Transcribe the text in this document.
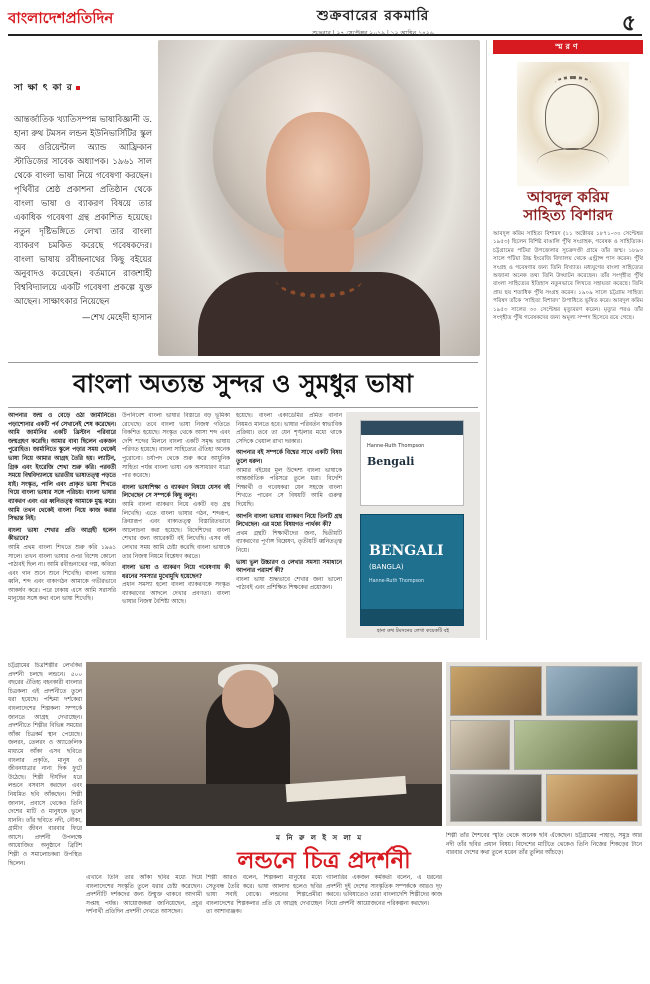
বাংলাদেশপ্রতিদিন	শুক্রবারের রকমারি
শুক্রবার | ২৭ সেপ্টেম্বর ২০১৯ | ১২ আশ্বিন ১৪২৬	৫
সা ক্ষা ৎ কা র
আন্তর্জাতিক খ্যাতিসম্পন্ন ভাষাবিজ্ঞানী ড. হানা রুথ টমসন লন্ডন ইউনিভার্সিটির স্কুল অব ওরিয়েন্টাল অ্যান্ড আফ্রিকান স্টাডিজের সাবেক অধ্যাপক। ১৯৬১ সাল থেকে বাংলা ভাষা নিয়ে গবেষণা করছেন। পৃথিবীর শ্রেষ্ঠ প্রকাশনা প্রতিষ্ঠান থেকে বাংলা ভাষা ও ব্যাকরণ বিষয়ে তার একাধিক গবেষণা গ্রন্থ প্রকাশিত হয়েছে। নতুন দৃষ্টিভঙ্গিতে লেখা তার বাংলা ব্যাকরণ চমকিত করেছে গবেষকদের। বাংলা ভাষায় রবীন্দ্রনাথের কিছু বইয়ের অনুবাদও করেছেন। বর্তমানে রাজশাহী বিশ্ববিদ্যালয়ে একটি গবেষণা প্রকল্পে যুক্ত আছেন। সাক্ষাৎকার নিয়েছেন
—শেখ মেহেদী হাসান
বাংলা অত্যন্ত সুন্দর ও সুমধুর ভাষা
আপনার জন্ম ও বেড়ে ওঠা জার্মানিতে। পড়াশোনার একটি পর্ব সেখানেই শেষ করেছেন। আমি জার্মানির একটি খ্রিস্টান পরিবারে জন্মগ্রহণ করেছি। আমার বাবা ছিলেন একজন পুরোহিত। জার্মানিতে স্কুলে পড়ার সময় থেকেই ভাষা নিয়ে আমার আগ্রহ তৈরি হয়। ল্যাটিন, গ্রিক এবং ইংরেজি শেখা শুরু করি। পরবর্তী সময়ে বিশ্ববিদ্যালয়ে ভারতীয় ভাষাতত্ত্ব পড়তে যাই। সংস্কৃত, পালি এবং প্রাকৃত ভাষা শিখতে গিয়ে বাংলা ভাষার সঙ্গে পরিচয়। বাংলা ভাষার ব্যাকরণ এবং এর ধ্বনিতত্ত্ব আমাকে মুগ্ধ করে। আমি তখন থেকেই বাংলা নিয়ে কাজ করার সিদ্ধান্ত নিই।
বাংলা ভাষা শেখার প্রতি আগ্রহী হলেন কীভাবে?
আমি প্রথম বাংলা শিখতে শুরু করি ১৯৬১ সালে। তখন বাংলা ভাষার ওপর বিশেষ কোনো পাঠ্যবই ছিল না। আমি রবীন্দ্রনাথের গল্প, কবিতা এবং গান শুনে শুনে শিখেছি। বাংলা ভাষার ধ্বনি, শব্দ এবং বাক্যগঠন আমাকে গভীরভাবে আকর্ষণ করে। পরে ঢাকায় এসে আমি সরাসরি মানুষের সঙ্গে কথা বলে ভাষা শিখেছি।
উপনিবেশ বাংলা ভাষার বিস্তারে বড় ভূমিকা রেখেছে। তবে বাংলা ভাষা নিজস্ব গতিতে বিকশিত হয়েছে। সংস্কৃত থেকে আসা শব্দ এবং দেশি শব্দের মিলনে বাংলা একটি সমৃদ্ধ ভাষায় পরিণত হয়েছে। বাংলা সাহিত্যের ঐতিহ্য অনেক পুরোনো। চর্যাপদ থেকে শুরু করে আধুনিক সাহিত্য পর্যন্ত বাংলা ভাষা এক অসাধারণ যাত্রা পার করেছে।
বাংলা ভাষাশিক্ষা ও ব্যাকরণ বিষয়ে যেসব বই লিখেছেন সে সম্পর্কে কিছু বলুন।
আমি বাংলা ব্যাকরণ নিয়ে একটি বড় গ্রন্থ লিখেছি। এতে বাংলা ভাষার গঠন, শব্দরূপ, ক্রিয়ারূপ এবং বাক্যতত্ত্ব বিস্তারিতভাবে আলোচনা করা হয়েছে। বিদেশিদের বাংলা শেখার জন্য আরেকটি বই লিখেছি। এসব বই লেখার সময় আমি চেষ্টা করেছি বাংলা ভাষাকে তার নিজস্ব নিয়মে বিশ্লেষণ করতে।
বাংলা ভাষা ও ব্যাকরণ নিয়ে গবেষণায় কী ধরনের সমস্যার মুখোমুখি হয়েছেন?
প্রধান সমস্যা হলো বাংলা ব্যাকরণকে সংস্কৃত ব্যাকরণের আদলে দেখার প্রবণতা। বাংলা ভাষার নিজস্ব বৈশিষ্ট্য আছে।
হয়েছে। বাংলা একাডেমির প্রমিত বানান নিয়মও মানতে হবে। ভাষার পরিবর্তন স্বাভাবিক প্রক্রিয়া। তবে তা যেন শৃঙ্খলার মধ্যে থাকে সেদিকে খেয়াল রাখা দরকার।
আপনার বই সম্পর্কে বিশ্বের সাথে একটি বিষয় তুলে ধরুন।
আমার বইয়ের মূল উদ্দেশ্য বাংলা ভাষাকে আন্তর্জাতিক পরিসরে তুলে ধরা। বিদেশি শিক্ষার্থী ও গবেষকরা যেন সহজে বাংলা শিখতে পারেন সে বিষয়টি আমি গুরুত্ব দিয়েছি।
আপনি বাংলা ভাষার ব্যাকরণ নিয়ে তিনটি গ্রন্থ লিখেছেন। এর মধ্যে বিষয়গত পার্থক্য কী?
প্রথম গ্রন্থটি শিক্ষার্থীদের জন্য, দ্বিতীয়টি ব্যাকরণের পূর্ণাঙ্গ বিশ্লেষণ, তৃতীয়টি ধ্বনিতত্ত্ব নিয়ে।
ভাষা ভুল উচ্চারণ ও লেখার সমস্যা সমাধানে আপনার পরামর্শ কী?
বাংলা ভাষা শুদ্ধভাবে শেখার জন্য ভালো পাঠ্যবই এবং প্রশিক্ষিত শিক্ষকের প্রয়োজন।
Hanne-Ruth Thompson
Bengali
BENGALI
(BANGLA)
Hanne-Ruth Thompson
হানা রুথ টমসনের লেখা কয়েকটি বই
স্মরণ
আবদুল করিম
সাহিত্য বিশারদ
আবদুল করিম সাহিত্য বিশারদ (১১ অক্টোবর ১৮৭১–৩০ সেপ্টেম্বর ১৯৫৩) ছিলেন বিশিষ্ট বাঙালি পুঁথি সংগ্রাহক, গবেষক ও সাহিত্যিক। চট্টগ্রামের পটিয়া উপজেলার সুচক্রদণ্ডী গ্রামে তাঁর জন্ম। ১৮৯৩ সালে পটিয়া উচ্চ ইংরেজি বিদ্যালয় থেকে এন্ট্রান্স পাস করেন। পুঁথি সংগ্রহ ও গবেষণার জন্য তিনি বিখ্যাত। মধ্যযুগের বাংলা সাহিত্যের অজানা অনেক তথ্য তিনি উদ্ঘাটন করেছেন। তাঁর সংগৃহীত পুঁথি বাংলা সাহিত্যের ইতিহাস নতুনভাবে লিখতে সহায়তা করেছে। তিনি প্রায় ছয় শতাধিক পুঁথি সংগ্রহ করেন। ১৯০৯ সালে চট্টগ্রাম সাহিত্য পরিষদ তাঁকে ‘সাহিত্য বিশারদ’ উপাধিতে ভূষিত করে। আবদুল করিম ১৯৫৩ সালের ৩০ সেপ্টেম্বর মৃত্যুবরণ করেন। মৃত্যুর পরও তাঁর সংগৃহীত পুঁথি গবেষকদের জন্য অমূল্য সম্পদ হিসেবে রয়ে গেছে।
চট্টগ্রামের চিত্রশিল্পীর লেখকির প্রদর্শনী চলছে লন্ডনে। ৫০০ বছরের ঐতিহ্য বহনকারী বাংলার চিত্রকলা এই প্রদর্শনীতে তুলে ধরা হয়েছে। পশ্চিমা দর্শকেরা বাংলাদেশের শিল্পকলা সম্পর্কে জানতে আগ্রহ দেখাচ্ছেন। প্রদর্শনীতে শিল্পীর বিভিন্ন সময়ের আঁকা চিত্রকর্ম স্থান পেয়েছে। জলরং, তেলরং ও অ্যাক্রেলিক মাধ্যমে আঁকা এসব ছবিতে বাংলার প্রকৃতি, মানুষ ও জীবনযাত্রার নানা দিক ফুটে উঠেছে। শিল্পী দীর্ঘদিন ধরে লন্ডনে বসবাস করছেন এবং নিয়মিত ছবি আঁকছেন। শিল্পী জানান, প্রবাসে থেকেও তিনি দেশের মাটি ও মানুষকে ভুলে যাননি। তাঁর ছবিতে নদী, নৌকা, গ্রামীণ জীবন বারবার ফিরে আসে। প্রদর্শনী উপলক্ষে আয়োজিত অনুষ্ঠানে ব্রিটিশ শিল্পী ও সমালোচকরা উপস্থিত ছিলেন।
ম নি রু ল ই স লা ম
লন্ডনে চিত্র প্রদর্শনী
এখানে তিনি তার আঁকা ছবির মধ্যে দিয়ে বাংলাদেশের সংস্কৃতি তুলে ধরার চেষ্টা করেছেন। প্রদর্শনীটি দর্শকদের জন্য উন্মুক্ত থাকবে আগামী সপ্তাহ পর্যন্ত। আয়োজকরা জানিয়েছেন, প্রচুর দর্শনার্থী প্রতিদিন প্রদর্শনী দেখতে আসছেন।
শিল্পী আরও বলেন, শিল্পকলা মানুষের মধ্যে সেতুবন্ধ তৈরি করে। ভাষা আলাদা হলেও ছবির ভাষা সবাই বোঝে। লন্ডনের শিল্পপ্রেমীরা বাংলাদেশের শিল্পকলার প্রতি যে আগ্রহ দেখাচ্ছেন তা আশাব্যঞ্জক।
গ্যালারির একজন কর্মকর্তা বলেন, এ ধরনের প্রদর্শনী দুই দেশের সাংস্কৃতিক সম্পর্ককে আরও দৃঢ় করবে। ভবিষ্যতেও তারা বাংলাদেশি শিল্পীদের কাজ নিয়ে প্রদর্শনী আয়োজনের পরিকল্পনা করছেন।
শিল্পী তাঁর শৈশবের স্মৃতি থেকে অনেক ছবি এঁকেছেন। চট্টগ্রামের পাহাড়, সমুদ্র আর নদী তাঁর ছবির প্রধান বিষয়। বিদেশের মাটিতে থেকেও তিনি নিজের শিকড়ের টানে বারবার দেশের কথা তুলে ধরেন তাঁর তুলির আঁচড়ে।
